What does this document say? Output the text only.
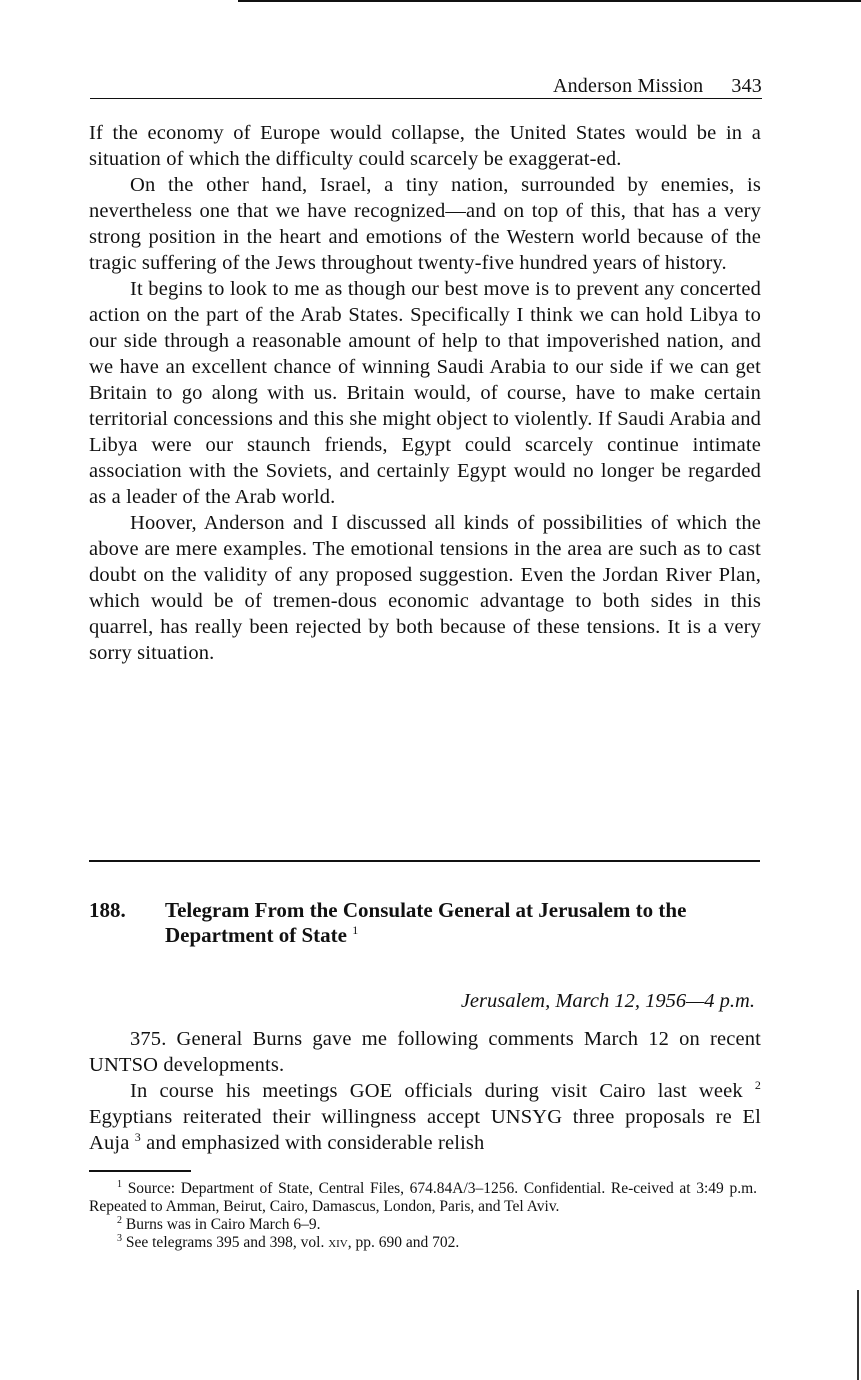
Anderson Mission 343

If the economy of Europe would collapse, the United States would be in a situation of which the difficulty could scarcely be exaggerat-ed.

On the other hand, Israel, a tiny nation, surrounded by enemies, is nevertheless one that we have recognized—and on top of this, that has a very strong position in the heart and emotions of the Western world because of the tragic suffering of the Jews throughout twenty-five hundred years of history.

It begins to look to me as though our best move is to prevent any concerted action on the part of the Arab States. Specifically I think we can hold Libya to our side through a reasonable amount of help to that impoverished nation, and we have an excellent chance of winning Saudi Arabia to our side if we can get Britain to go along with us. Britain would, of course, have to make certain territorial concessions and this she might object to violently. If Saudi Arabia and Libya were our staunch friends, Egypt could scarcely continue intimate association with the Soviets, and certainly Egypt would no longer be regarded as a leader of the Arab world.

Hoover, Anderson and I discussed all kinds of possibilities of which the above are mere examples. The emotional tensions in the area are such as to cast doubt on the validity of any proposed suggestion. Even the Jordan River Plan, which would be of tremen-dous economic advantage to both sides in this quarrel, has really been rejected by both because of these tensions. It is a very sorry situation.

188. Telegram From the Consulate General at Jerusalem to the Department of State $^1$
Jerusalem, March 12, 1956—4 p.m.

375. General Burns gave me following comments March 12 on recent UNTSO developments.

In course his meetings GOE officials during visit Cairo last week $^2$ Egyptians reiterated their willingness accept UNSYG three proposals re El Auja $^3$ and emphasized with considerable relish

$^1$ Source: Department of State, Central Files, 674.84A/3–1256. Confidential. Re-ceived at 3:49 p.m. Repeated to Amman, Beirut, Cairo, Damascus, London, Paris, and Tel Aviv.

$^2$ Burns was in Cairo March 6–9.

$^3$ See telegrams 395 and 398, vol. xiv, pp. 690 and 702.
